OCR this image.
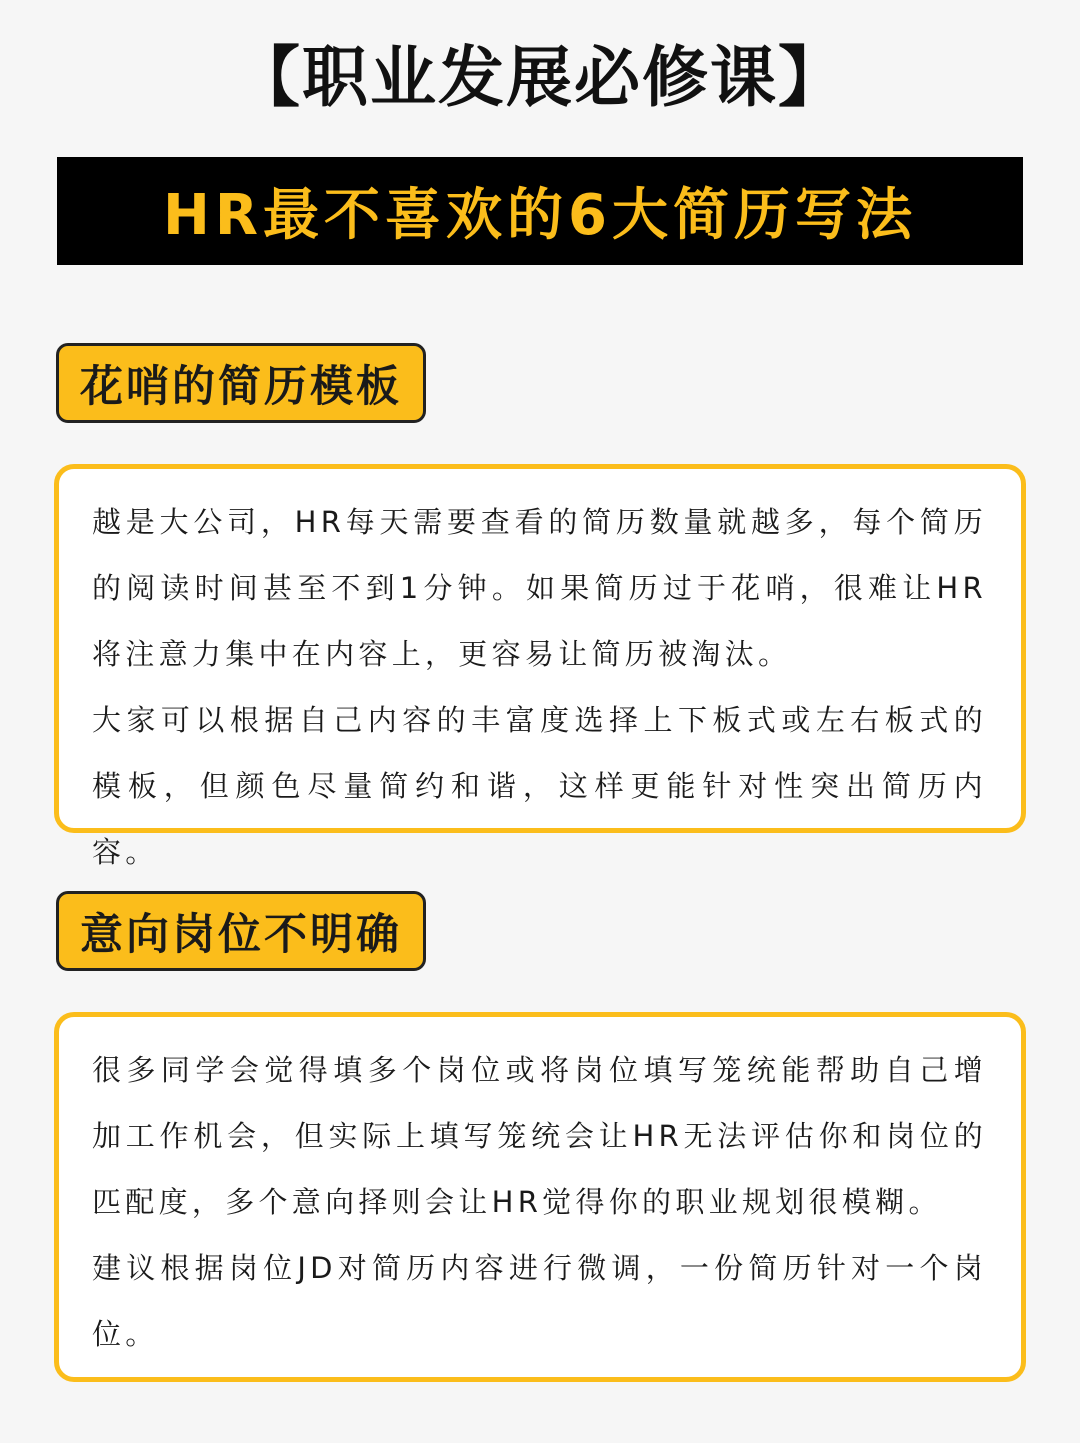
【职业发展必修课】
HR最不喜欢的6大简历写法
花哨的简历模板

越是大公司，HR每天需要查看的简历数量就越多，每个简历的阅读时间甚至不到1分钟。如果简历过于花哨，很难让HR将注意力集中在内容上，更容易让简历被淘汰。

大家可以根据自己内容的丰富度选择上下板式或左右板式的模板，但颜色尽量简约和谐，这样更能针对性突出简历内容。

意向岗位不明确

很多同学会觉得填多个岗位或将岗位填写笼统能帮助自己增加工作机会，但实际上填写笼统会让HR无法评估你和岗位的匹配度，多个意向择则会让HR觉得你的职业规划很模糊。

建议根据岗位JD对简历内容进行微调，一份简历针对一个岗位。
